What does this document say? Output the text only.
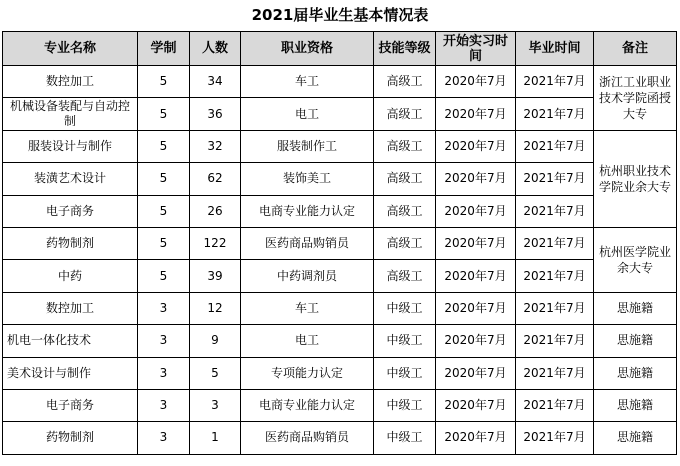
2021届毕业生基本情况表
专业名称	学制	人数	职业资格	技能等级	开始实习时间	毕业时间	备注
数控加工	5	34	车工	高级工	2020年7月	2021年7月	浙江工业职业技术学院函授大专
机械设备装配与自动控制	5	36	电工	高级工	2020年7月	2021年7月	
服装设计与制作	5	32	服装制作工	高级工	2020年7月	2021年7月	杭州职业技术学院业余大专
装潢艺术设计	5	62	装饰美工	高级工	2020年7月	2021年7月	
电子商务	5	26	电商专业能力认定	高级工	2020年7月	2021年7月	
药物制剂	5	122	医药商品购销员	高级工	2020年7月	2021年7月	杭州医学院业余大专
中药	5	39	中药调剂员	高级工	2020年7月	2021年7月	
数控加工	3	12	车工	中级工	2020年7月	2021年7月	思施籍
机电一体化技术	3	9	电工	中级工	2020年7月	2021年7月	思施籍
美术设计与制作	3	5	专项能力认定	中级工	2020年7月	2021年7月	思施籍
电子商务	3	3	电商专业能力认定	中级工	2020年7月	2021年7月	思施籍
药物制剂	3	1	医药商品购销员	中级工	2020年7月	2021年7月	思施籍
